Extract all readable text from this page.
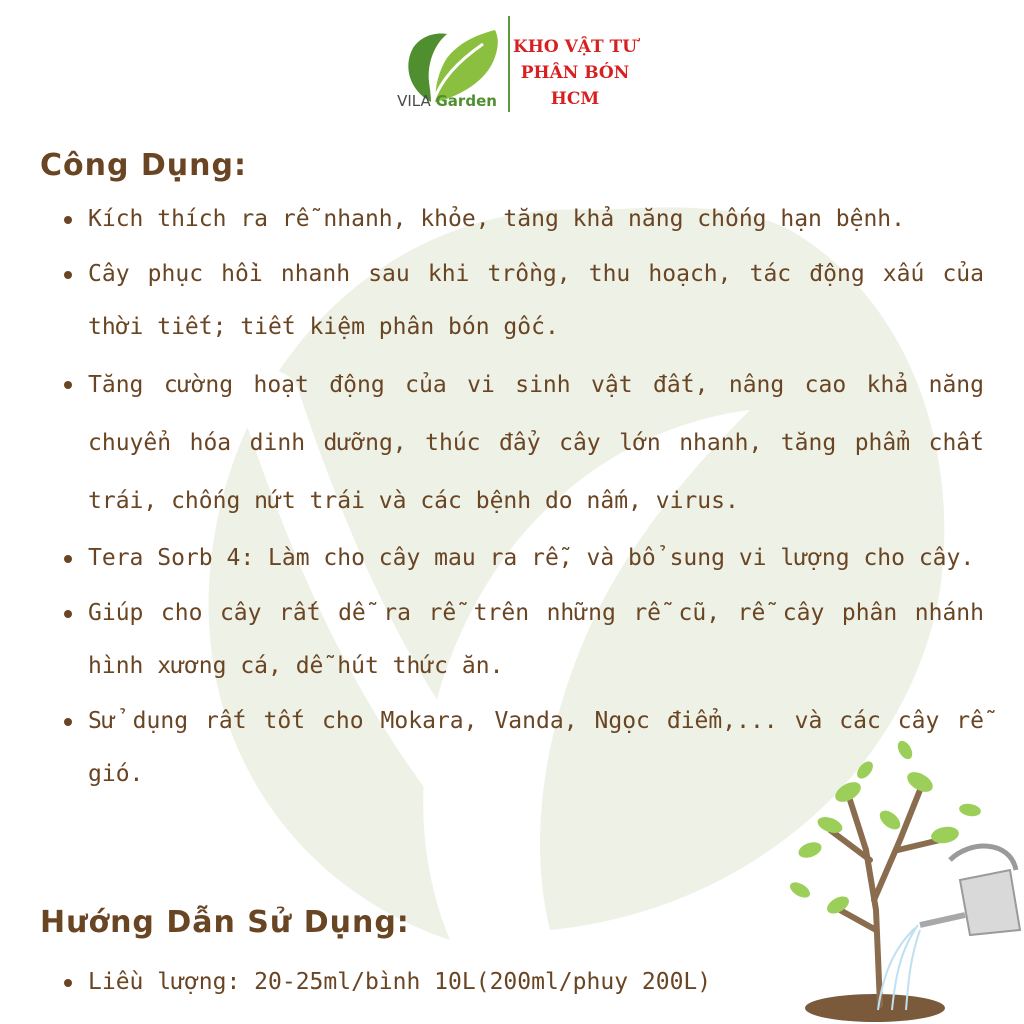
VILA Garden
KHO VẬT TƯ
PHÂN BÓN
HCM
Công Dụng:
Kích thích ra rễ nhanh, khỏe, tăng khả năng chống hạn bệnh.
Cây phục hồi nhanh sau khi trồng, thu hoạch, tác động xấu của thời tiết; tiết kiệm phân bón gốc.
Tăng cường hoạt động của vi sinh vật đất, nâng cao khả năng chuyển hóa dinh dưỡng, thúc đẩy cây lớn nhanh, tăng phẩm chất trái, chống nứt trái và các bệnh do nấm, virus.
Tera Sorb 4: Làm cho cây mau ra rễ, và bổ sung vi lượng cho cây.
Giúp cho cây rất dễ ra rễ trên những rễ cũ, rễ cây phân nhánh hình xương cá, dễ hút thức ăn.
Sử dụng rất tốt cho Mokara, Vanda, Ngọc điểm,... và các cây rễ gió.
Hướng Dẫn Sử Dụng:
Liều lượng: 20-25ml/bình 10L(200ml/phuy 200L)
